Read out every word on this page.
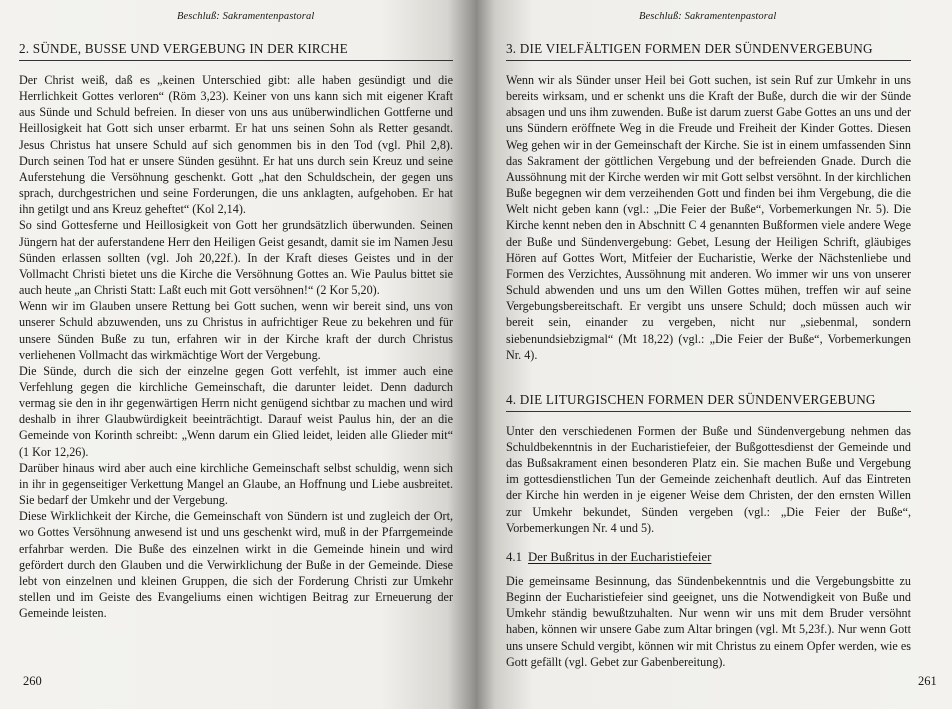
Beschluß: Sakramentenpastoral
2. SÜNDE, BUSSE UND VERGEBUNG IN DER KIRCHE

Der Christ weiß, daß es „keinen Unterschied gibt: alle haben gesündigt und die Herrlichkeit Gottes verloren“ (Röm 3,23). Keiner von uns kann sich mit eigener Kraft aus Sünde und Schuld befreien. In dieser von uns aus unüberwindlichen Gottferne und Heillosigkeit hat Gott sich unser erbarmt. Er hat uns seinen Sohn als Retter gesandt. Jesus Christus hat unsere Schuld auf sich genommen bis in den Tod (vgl. Phil 2,8). Durch seinen Tod hat er unsere Sünden gesühnt. Er hat uns durch sein Kreuz und seine Auferstehung die Versöhnung geschenkt. Gott „hat den Schuldschein, der gegen uns sprach, durchgestrichen und seine Forderungen, die uns anklagten, aufgehoben. Er hat ihn getilgt und ans Kreuz geheftet“ (Kol 2,14).

So sind Gottesferne und Heillosigkeit von Gott her grundsätzlich überwunden. Seinen Jüngern hat der auferstandene Herr den Heiligen Geist gesandt, damit sie im Namen Jesu Sünden erlassen sollten (vgl. Joh 20,22f.). In der Kraft dieses Geistes und in der Vollmacht Christi bietet uns die Kirche die Versöhnung Gottes an. Wie Paulus bittet sie auch heute „an Christi Statt: Laßt euch mit Gott versöhnen!“ (2 Kor 5,20).

Wenn wir im Glauben unsere Rettung bei Gott suchen, wenn wir bereit sind, uns von unserer Schuld abzuwenden, uns zu Christus in aufrichtiger Reue zu bekehren und für unsere Sünden Buße zu tun, erfahren wir in der Kirche kraft der durch Christus verliehenen Vollmacht das wirkmächtige Wort der Vergebung.

Die Sünde, durch die sich der einzelne gegen Gott verfehlt, ist immer auch eine Verfehlung gegen die kirchliche Gemeinschaft, die darunter leidet. Denn dadurch vermag sie den in ihr gegenwärtigen Herrn nicht genügend sichtbar zu machen und wird deshalb in ihrer Glaubwürdigkeit beeinträchtigt. Darauf weist Paulus hin, der an die Gemeinde von Korinth schreibt: „Wenn darum ein Glied leidet, leiden alle Glieder mit“ (1 Kor 12,26).

Darüber hinaus wird aber auch eine kirchliche Gemeinschaft selbst schuldig, wenn sich in ihr in gegenseitiger Verkettung Mangel an Glaube, an Hoffnung und Liebe ausbreitet. Sie bedarf der Umkehr und der Vergebung.

Diese Wirklichkeit der Kirche, die Gemeinschaft von Sündern ist und zugleich der Ort, wo Gottes Versöhnung anwesend ist und uns geschenkt wird, muß in der Pfarrgemeinde erfahrbar werden. Die Buße des einzelnen wirkt in die Gemeinde hinein und wird gefördert durch den Glauben und die Verwirklichung der Buße in der Gemeinde. Diese lebt von einzelnen und kleinen Gruppen, die sich der Forderung Christi zur Umkehr stellen und im Geiste des Evangeliums einen wichtigen Beitrag zur Erneuerung der Gemeinde leisten.

260
Beschluß: Sakramentenpastoral
3. DIE VIELFÄLTIGEN FORMEN DER SÜNDENVERGEBUNG

Wenn wir als Sünder unser Heil bei Gott suchen, ist sein Ruf zur Umkehr in uns bereits wirksam, und er schenkt uns die Kraft der Buße, durch die wir der Sünde absagen und uns ihm zuwenden. Buße ist darum zuerst Gabe Gottes an uns und der uns Sündern eröffnete Weg in die Freude und Freiheit der Kinder Gottes. Diesen Weg gehen wir in der Gemeinschaft der Kirche. Sie ist in einem umfassenden Sinn das Sakrament der göttlichen Vergebung und der befreienden Gnade. Durch die Aussöhnung mit der Kirche werden wir mit Gott selbst versöhnt. In der kirchlichen Buße begegnen wir dem verzeihenden Gott und finden bei ihm Vergebung, die die Welt nicht geben kann (vgl.: „Die Feier der Buße“, Vorbemerkungen Nr. 5). Die Kirche kennt neben den in Abschnitt C 4 genannten Bußformen viele andere Wege der Buße und Sündenvergebung: Gebet, Lesung der Heiligen Schrift, gläubiges Hören auf Gottes Wort, Mitfeier der Eucharistie, Werke der Nächstenliebe und Formen des Verzichtes, Aussöhnung mit anderen. Wo immer wir uns von unserer Schuld abwenden und uns um den Willen Gottes mühen, treffen wir auf seine Vergebungsbereitschaft. Er vergibt uns unsere Schuld; doch müssen auch wir bereit sein, einander zu vergeben, nicht nur „siebenmal, sondern siebenundsiebzigmal“ (Mt 18,22) (vgl.: „Die Feier der Buße“, Vorbemerkungen Nr. 4).

4. DIE LITURGISCHEN FORMEN DER SÜNDENVERGEBUNG

Unter den verschiedenen Formen der Buße und Sündenvergebung nehmen das Schuldbekenntnis in der Eucharistiefeier, der Bußgottesdienst der Gemeinde und das Bußsakrament einen besonderen Platz ein. Sie machen Buße und Vergebung im gottesdienstlichen Tun der Gemeinde zeichenhaft deutlich. Auf das Eintreten der Kirche hin werden in je eigener Weise dem Christen, der den ernsten Willen zur Umkehr bekundet, Sünden vergeben (vgl.: „Die Feier der Buße“, Vorbemerkungen Nr. 4 und 5).

4.1 Der Bußritus in der Eucharistiefeier

Die gemeinsame Besinnung, das Sündenbekenntnis und die Vergebungsbitte zu Beginn der Eucharistiefeier sind geeignet, uns die Notwendigkeit von Buße und Umkehr ständig bewußtzuhalten. Nur wenn wir uns mit dem Bruder versöhnt haben, können wir unsere Gabe zum Altar bringen (vgl. Mt 5,23f.). Nur wenn Gott uns unsere Schuld vergibt, können wir mit Christus zu einem Opfer werden, wie es Gott gefällt (vgl. Gebet zur Gabenbereitung).

261
